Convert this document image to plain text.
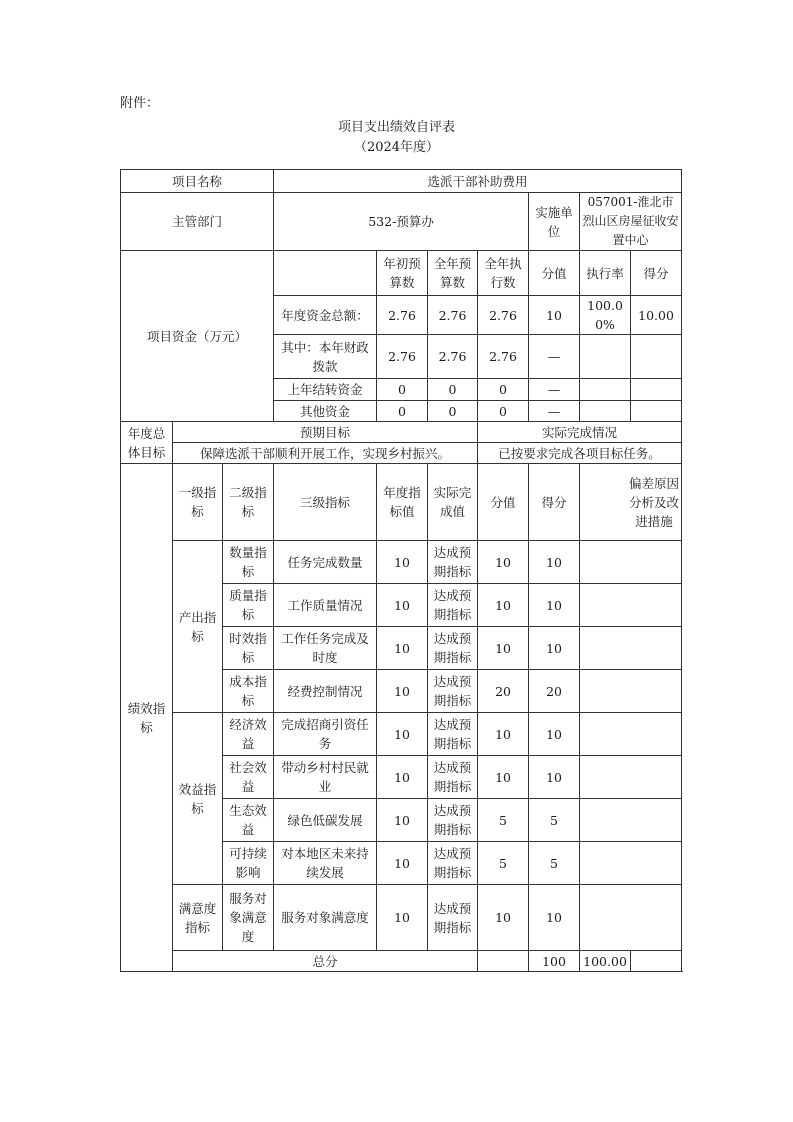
附件：
项目支出绩效自评表
（2024年度）
项目名称			选派干部补助费用						
主管部门			532-预算办				实施单位	057001-淮北市烈山区房屋征收安置中心	
项目资金（万元）				年初预算数	全年预算数	全年执行数	分值	执行率	得分
			年度资金总额：	2.76	2.76	2.76	10	100.00%	10.00
			其中：本年财政拨款	2.76	2.76	2.76	—		
			上年结转资金	0	0	0	—		
			其他资金	0	0	0	—		
年度总体目标	预期目标					实际完成情况			
	保障选派干部顺利开展工作，实现乡村振兴。					已按要求完成各项目标任务。			
绩效指标	一级指标	二级指标	三级指标	年度指标值	实际完成值	分值	得分	偏差原因分析及改进措施	

	产出指标	数量指标	任务完成数量	10	达成预期指标	10	10		
		质量指标	工作质量情况	10	达成预期指标	10	10		
		时效指标	工作任务完成及时度	10	达成预期指标	10	10		
		成本指标	经费控制情况	10	达成预期指标	20	20		
	效益指标	经济效益	完成招商引资任务	10	达成预期指标	10	10		
		社会效益	带动乡村村民就业	10	达成预期指标	10	10		
		生态效益	绿色低碳发展	10	达成预期指标	5	5		
		可持续影响	对本地区未来持续发展	10	达成预期指标	5	5		
	满意度指标	服务对象满意度	服务对象满意度	10	达成预期指标	10	10		
	总分						100	100.00	
